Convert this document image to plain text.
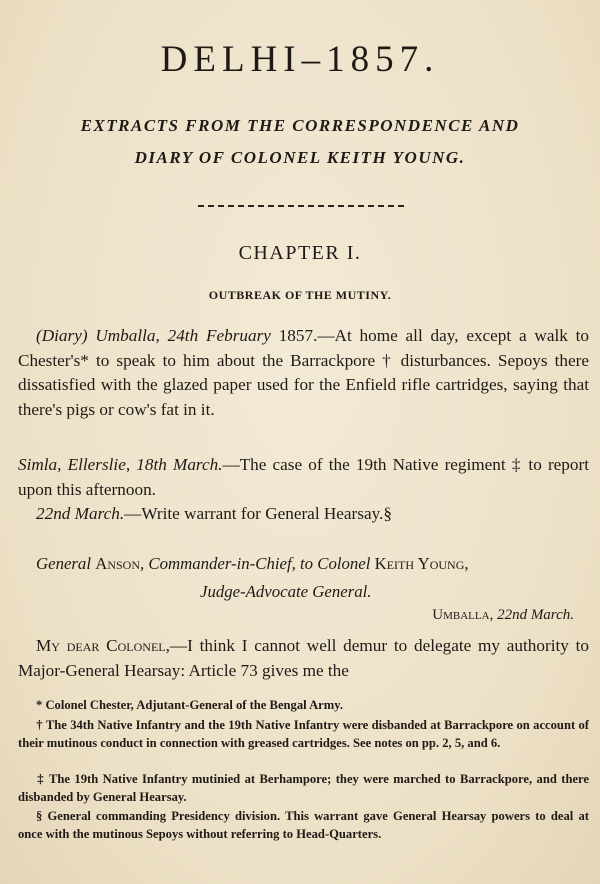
DELHI–1857.
EXTRACTS FROM THE CORRESPONDENCE AND
DIARY OF COLONEL KEITH YOUNG.
CHAPTER I.
OUTBREAK OF THE MUTINY.
(Diary) Umballa, 24th February 1857.—At home all day, except a walk to Chester's* to speak to him about the Barrackpore † disturbances. Sepoys there dissatisfied with the glazed paper used for the Enfield rifle cartridges, saying that there's pigs or cow's fat in it.
Simla, Ellerslie, 18th March.—The case of the 19th Native regiment ‡ to report upon this afternoon.
22nd March.—Write warrant for General Hearsay.§
General Anson, Commander-in-Chief, to Colonel Keith Young,
Judge-Advocate General.
Umballa, 22nd March.
My dear Colonel,—I think I cannot well demur to delegate my authority to Major-General Hearsay: Article 73 gives me the
* Colonel Chester, Adjutant-General of the Bengal Army.
† The 34th Native Infantry and the 19th Native Infantry were disbanded at Barrackpore on account of their mutinous conduct in connection with greased cartridges. See notes on pp. 2, 5, and 6.
‡ The 19th Native Infantry mutinied at Berhampore; they were marched to Barrackpore, and there disbanded by General Hearsay.
§ General commanding Presidency division. This warrant gave General Hearsay powers to deal at once with the mutinous Sepoys without referring to Head-Quarters.
